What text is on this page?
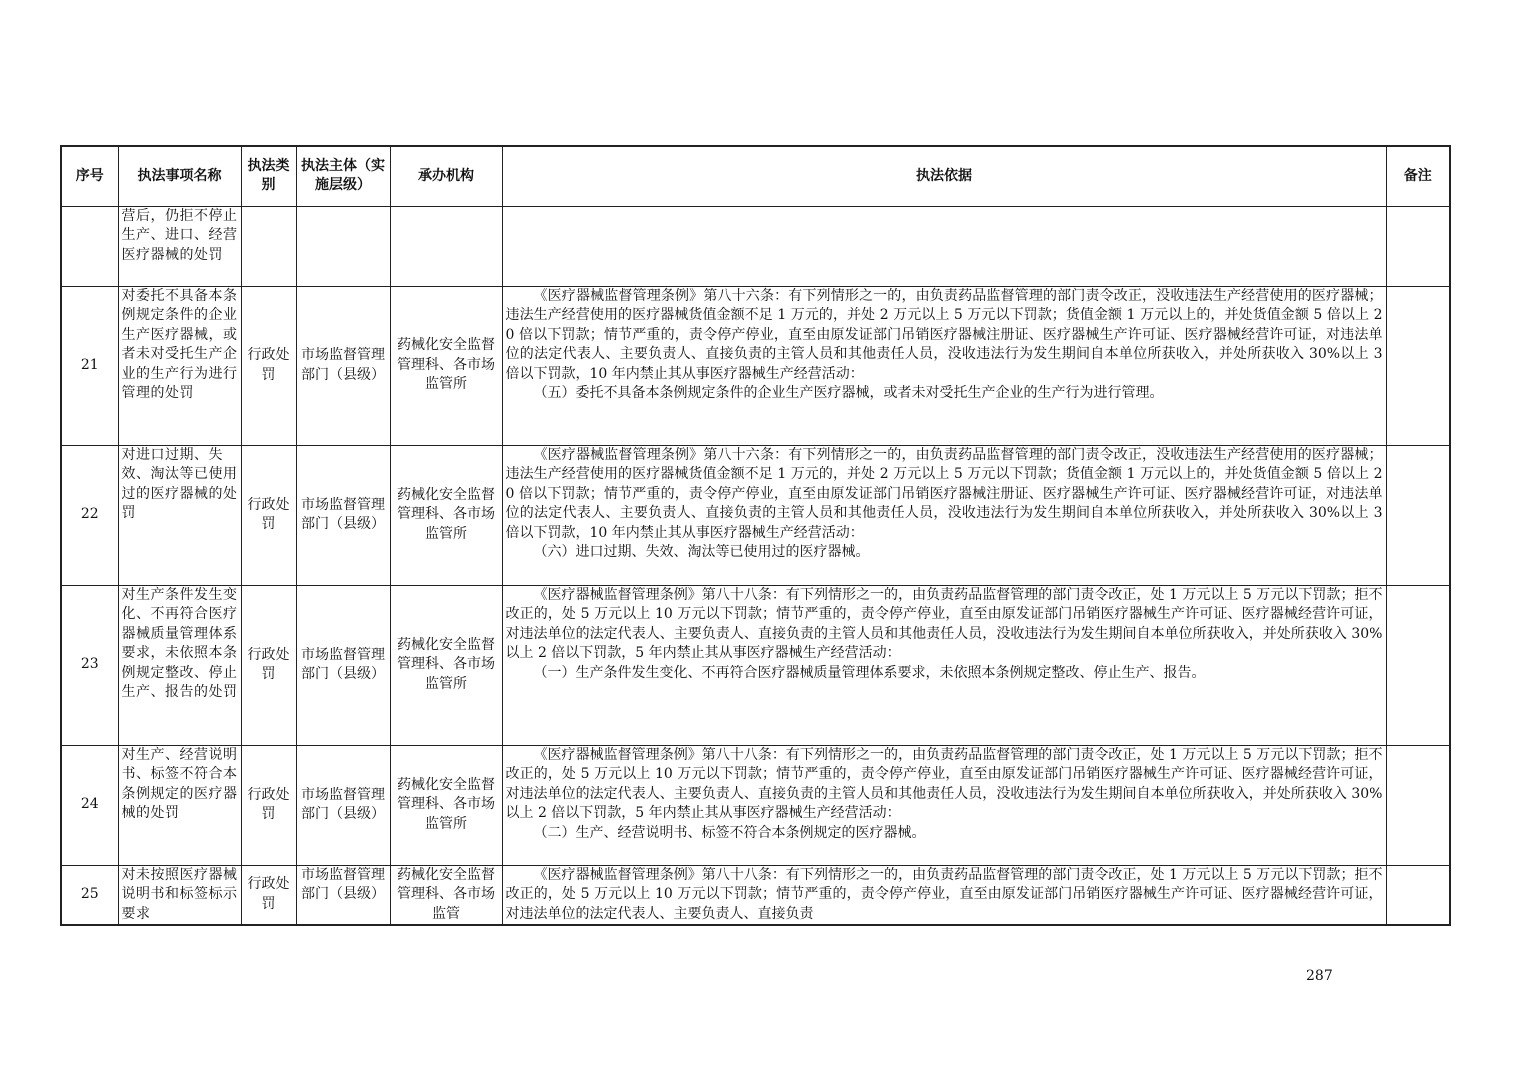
序号	执法事项名称	执法类别	执法主体（实施层级）	承办机构	执法依据	备注
	营后，仍拒不停止生产、进口、经营医疗器械的处罚				

21	对委托不具备本条例规定条件的企业生产医疗器械，或者未对受托生产企业的生产行为进行管理的处罚	行政处罚	市场监督管理部门（县级）	药械化安全监督管理科、各市场监管所	《医疗器械监督管理条例》第八十六条：有下列情形之一的，由负责药品监督管理的部门责令改正，没收违法生产经营使用的医疗器械；违法生产经营使用的医疗器械货值金额不足 1 万元的，并处 2 万元以上 5 万元以下罚款；货值金额 1 万元以上的，并处货值金额 5 倍以上 20 倍以下罚款；情节严重的，责令停产停业，直至由原发证部门吊销医疗器械注册证、医疗器械生产许可证、医疗器械经营许可证，对违法单位的法定代表人、主要负责人、直接负责的主管人员和其他责任人员，没收违法行为发生期间自本单位所获收入，并处所获收入 30%以上 3 倍以下罚款，10 年内禁止其从事医疗器械生产经营活动：

（五）委托不具备本条例规定条件的企业生产医疗器械，或者未对受托生产企业的生产行为进行管理。	

22	对进口过期、失效、淘汰等已使用过的医疗器械的处罚	行政处罚	市场监督管理部门（县级）	药械化安全监督管理科、各市场监管所	《医疗器械监督管理条例》第八十六条：有下列情形之一的，由负责药品监督管理的部门责令改正，没收违法生产经营使用的医疗器械；违法生产经营使用的医疗器械货值金额不足 1 万元的，并处 2 万元以上 5 万元以下罚款；货值金额 1 万元以上的，并处货值金额 5 倍以上 20 倍以下罚款；情节严重的，责令停产停业，直至由原发证部门吊销医疗器械注册证、医疗器械生产许可证、医疗器械经营许可证，对违法单位的法定代表人、主要负责人、直接负责的主管人员和其他责任人员，没收违法行为发生期间自本单位所获收入，并处所获收入 30%以上 3 倍以下罚款，10 年内禁止其从事医疗器械生产经营活动：

（六）进口过期、失效、淘汰等已使用过的医疗器械。	

23	对生产条件发生变化、不再符合医疗器械质量管理体系要求，未依照本条例规定整改、停止生产、报告的处罚	行政处罚	市场监督管理部门（县级）	药械化安全监督管理科、各市场监管所	《医疗器械监督管理条例》第八十八条：有下列情形之一的，由负责药品监督管理的部门责令改正，处 1 万元以上 5 万元以下罚款；拒不改正的，处 5 万元以上 10 万元以下罚款；情节严重的，责令停产停业，直至由原发证部门吊销医疗器械生产许可证、医疗器械经营许可证，对违法单位的法定代表人、主要负责人、直接负责的主管人员和其他责任人员，没收违法行为发生期间自本单位所获收入，并处所获收入 30%以上 2 倍以下罚款，5 年内禁止其从事医疗器械生产经营活动：

（一）生产条件发生变化、不再符合医疗器械质量管理体系要求，未依照本条例规定整改、停止生产、报告。	

24	对生产、经营说明书、标签不符合本条例规定的医疗器械的处罚	行政处罚	市场监督管理部门（县级）	药械化安全监督管理科、各市场监管所	《医疗器械监督管理条例》第八十八条：有下列情形之一的，由负责药品监督管理的部门责令改正，处 1 万元以上 5 万元以下罚款；拒不改正的，处 5 万元以上 10 万元以下罚款；情节严重的，责令停产停业，直至由原发证部门吊销医疗器械生产许可证、医疗器械经营许可证，对违法单位的法定代表人、主要负责人、直接负责的主管人员和其他责任人员，没收违法行为发生期间自本单位所获收入，并处所获收入 30%以上 2 倍以下罚款，5 年内禁止其从事医疗器械生产经营活动：

（二）生产、经营说明书、标签不符合本条例规定的医疗器械。	

25	对未按照医疗器械说明书和标签标示要求	行政处罚	市场监督管理部门（县级）	药械化安全监督管理科、各市场监管	《医疗器械监督管理条例》第八十八条：有下列情形之一的，由负责药品监督管理的部门责令改正，处 1 万元以上 5 万元以下罚款；拒不改正的，处 5 万元以上 10 万元以下罚款；情节严重的，责令停产停业，直至由原发证部门吊销医疗器械生产许可证、医疗器械经营许可证，对违法单位的法定代表人、主要负责人、直接负责	

287
